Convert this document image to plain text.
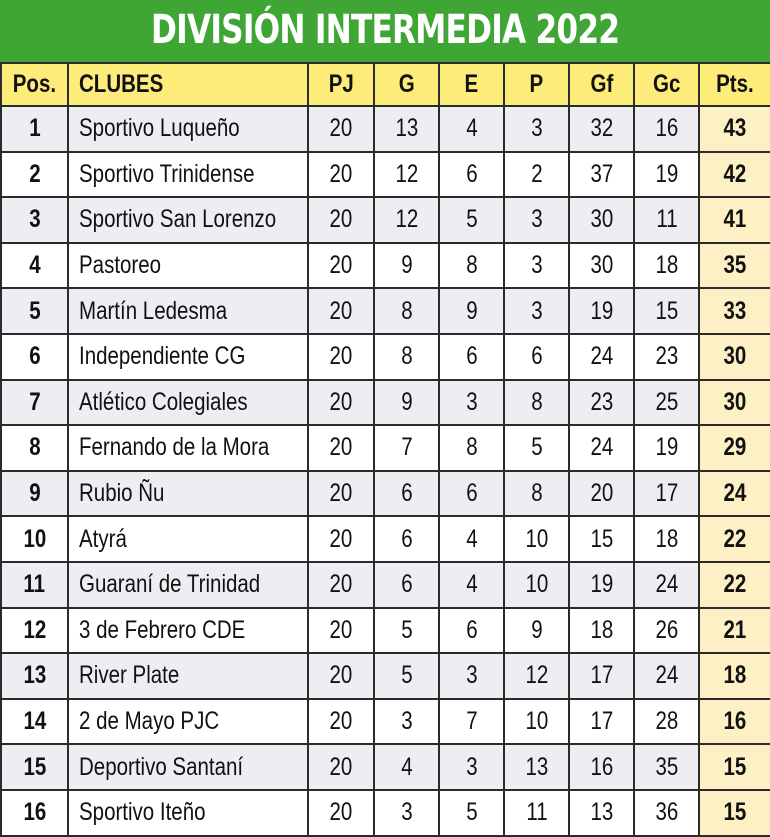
DIVISIÓN INTERMEDIA 2022
Pos.	CLUBES	PJ	G	E	P	Gf	Gc	Pts.
1	Sportivo Luqueño	20	13	4	3	32	16	43
2	Sportivo Trinidense	20	12	6	2	37	19	42
3	Sportivo San Lorenzo	20	12	5	3	30	11	41
4	Pastoreo	20	9	8	3	30	18	35
5	Martín Ledesma	20	8	9	3	19	15	33
6	Independiente CG	20	8	6	6	24	23	30
7	Atlético Colegiales	20	9	3	8	23	25	30
8	Fernando de la Mora	20	7	8	5	24	19	29
9	Rubio Ñu	20	6	6	8	20	17	24
10	Atyrá	20	6	4	10	15	18	22
11	Guaraní de Trinidad	20	6	4	10	19	24	22
12	3 de Febrero CDE	20	5	6	9	18	26	21
13	River Plate	20	5	3	12	17	24	18
14	2 de Mayo PJC	20	3	7	10	17	28	16
15	Deportivo Santaní	20	4	3	13	16	35	15
16	Sportivo Iteño	20	3	5	11	13	36	15
